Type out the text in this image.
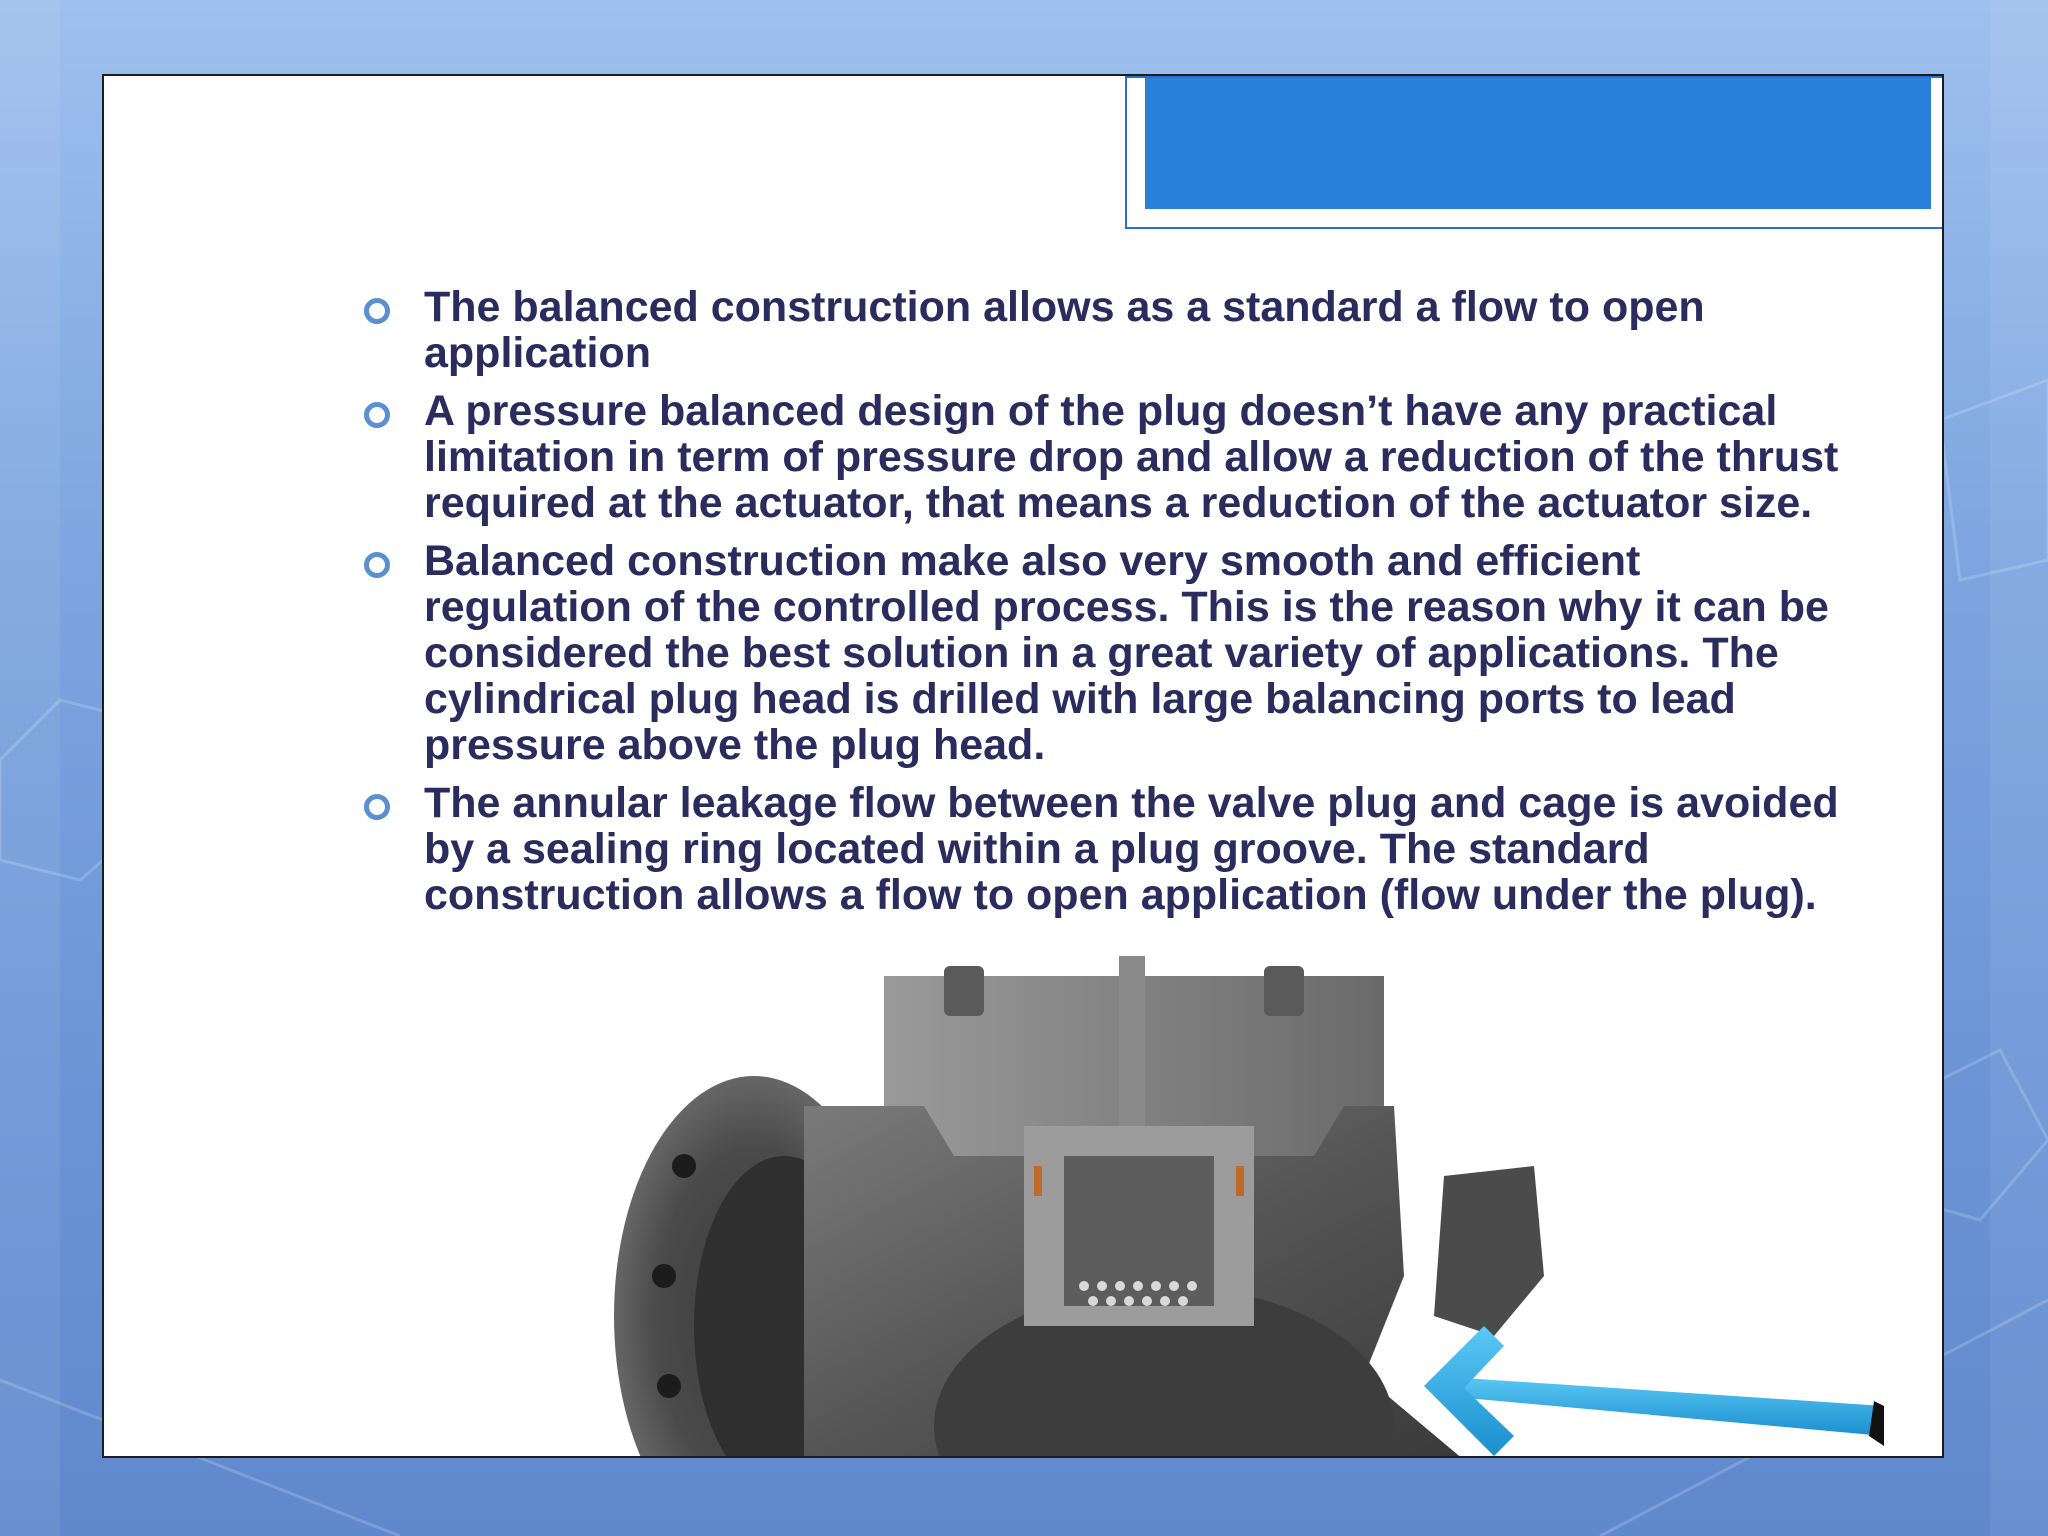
The balanced construction allows as a standard a flow to open application
A pressure balanced design of the plug doesn’t have any practical limitation in term of pressure drop and allow a reduction of the thrust required at the actuator, that means a reduction of the actuator size.
Balanced construction make also very smooth and efficient regulation of the controlled process. This is the reason why it can be considered the best solution in a great variety of applications. The cylindrical plug head is drilled with large balancing ports to lead pressure above the plug head.
The annular leakage flow between the valve plug and cage is avoided by a sealing ring located within a plug groove. The standard construction allows a flow to open application (flow under the plug).
